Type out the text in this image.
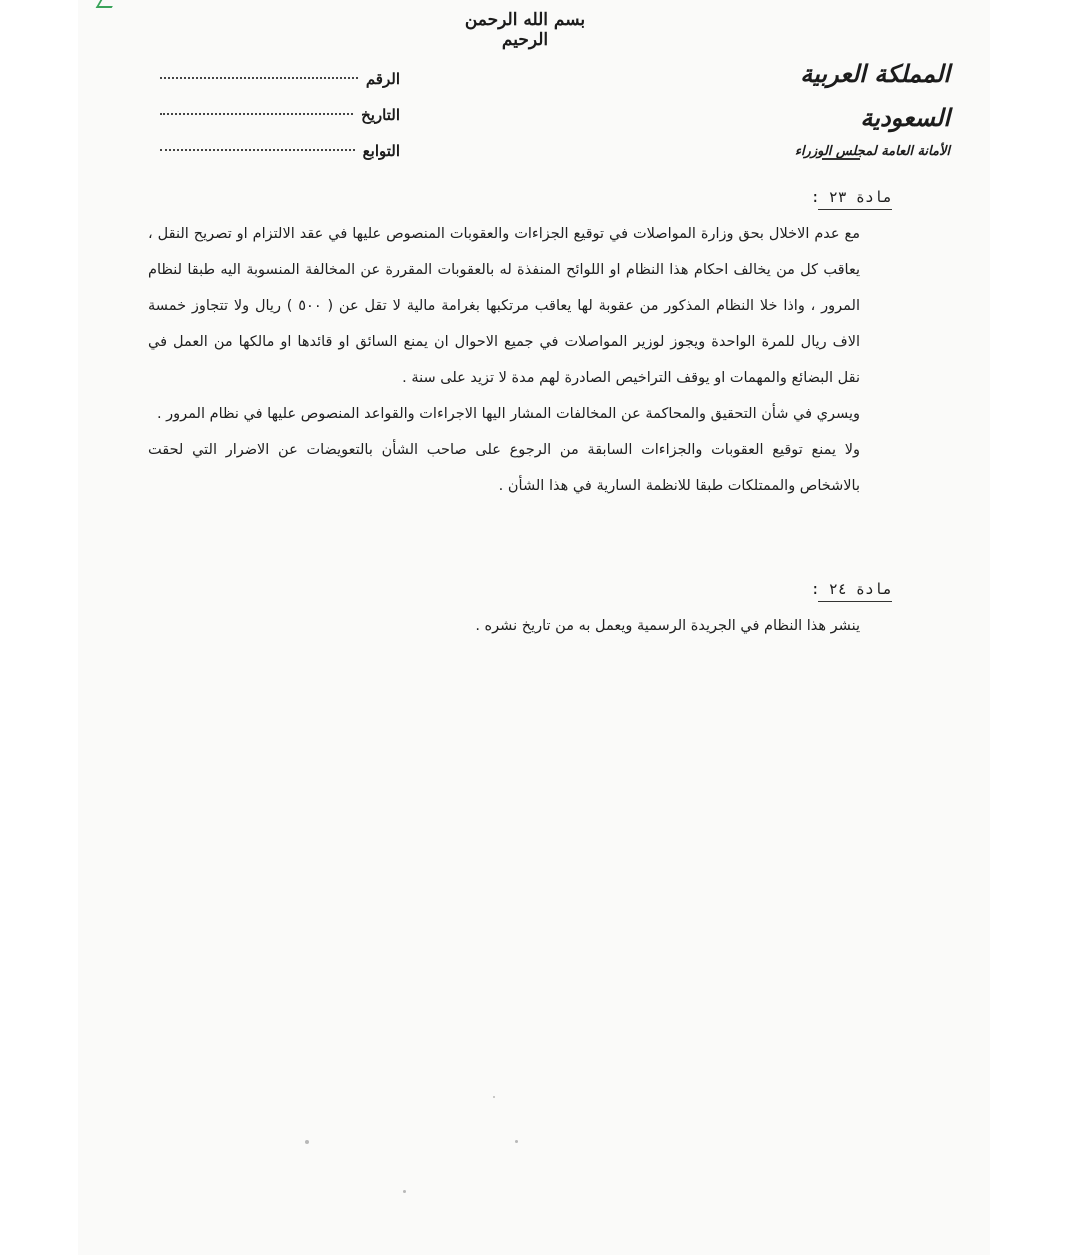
بسم الله الرحمن الرحيم
الرقم
التاريخ
التوابع
المملكة العربية السعودية
الأمانة العامة لمجلس الوزراء
مادة ٢٣ :

مع عدم الاخلال بحق وزارة المواصلات في توقيع الجزاءات والعقوبات المنصوص عليها في عقد الالتزام او تصريح النقل ، يعاقب كل من يخالف احكام هذا النظام او اللوائح المنفذة له بالعقوبات المقررة عن المخالفة المنسوبة اليه طبقا لنظام المرور ، واذا خلا النظام المذكور من عقوبة لها يعاقب مرتكبها بغرامة مالية لا تقل عن ( ٥٠٠ ) ريال ولا تتجاوز خمسة الاف ريال للمرة الواحدة ويجوز لوزير المواصلات في جميع الاحوال ان يمنع السائق او قائدها او مالكها من العمل في نقل البضائع والمهمات او يوقف التراخيص الصادرة لهم مدة لا تزيد على سنة .

ويسري في شأن التحقيق والمحاكمة عن المخالفات المشار اليها الاجراءات والقواعد المنصوص عليها في نظام المرور .

ولا يمنع توقيع العقوبات والجزاءات السابقة من الرجوع على صاحب الشأن بالتعويضات عن الاضرار التي لحقت بالاشخاص والممتلكات طبقا للانظمة السارية في هذا الشأن .

مادة ٢٤ :

ينشر هذا النظام في الجريدة الرسمية ويعمل به من تاريخ نشره .
